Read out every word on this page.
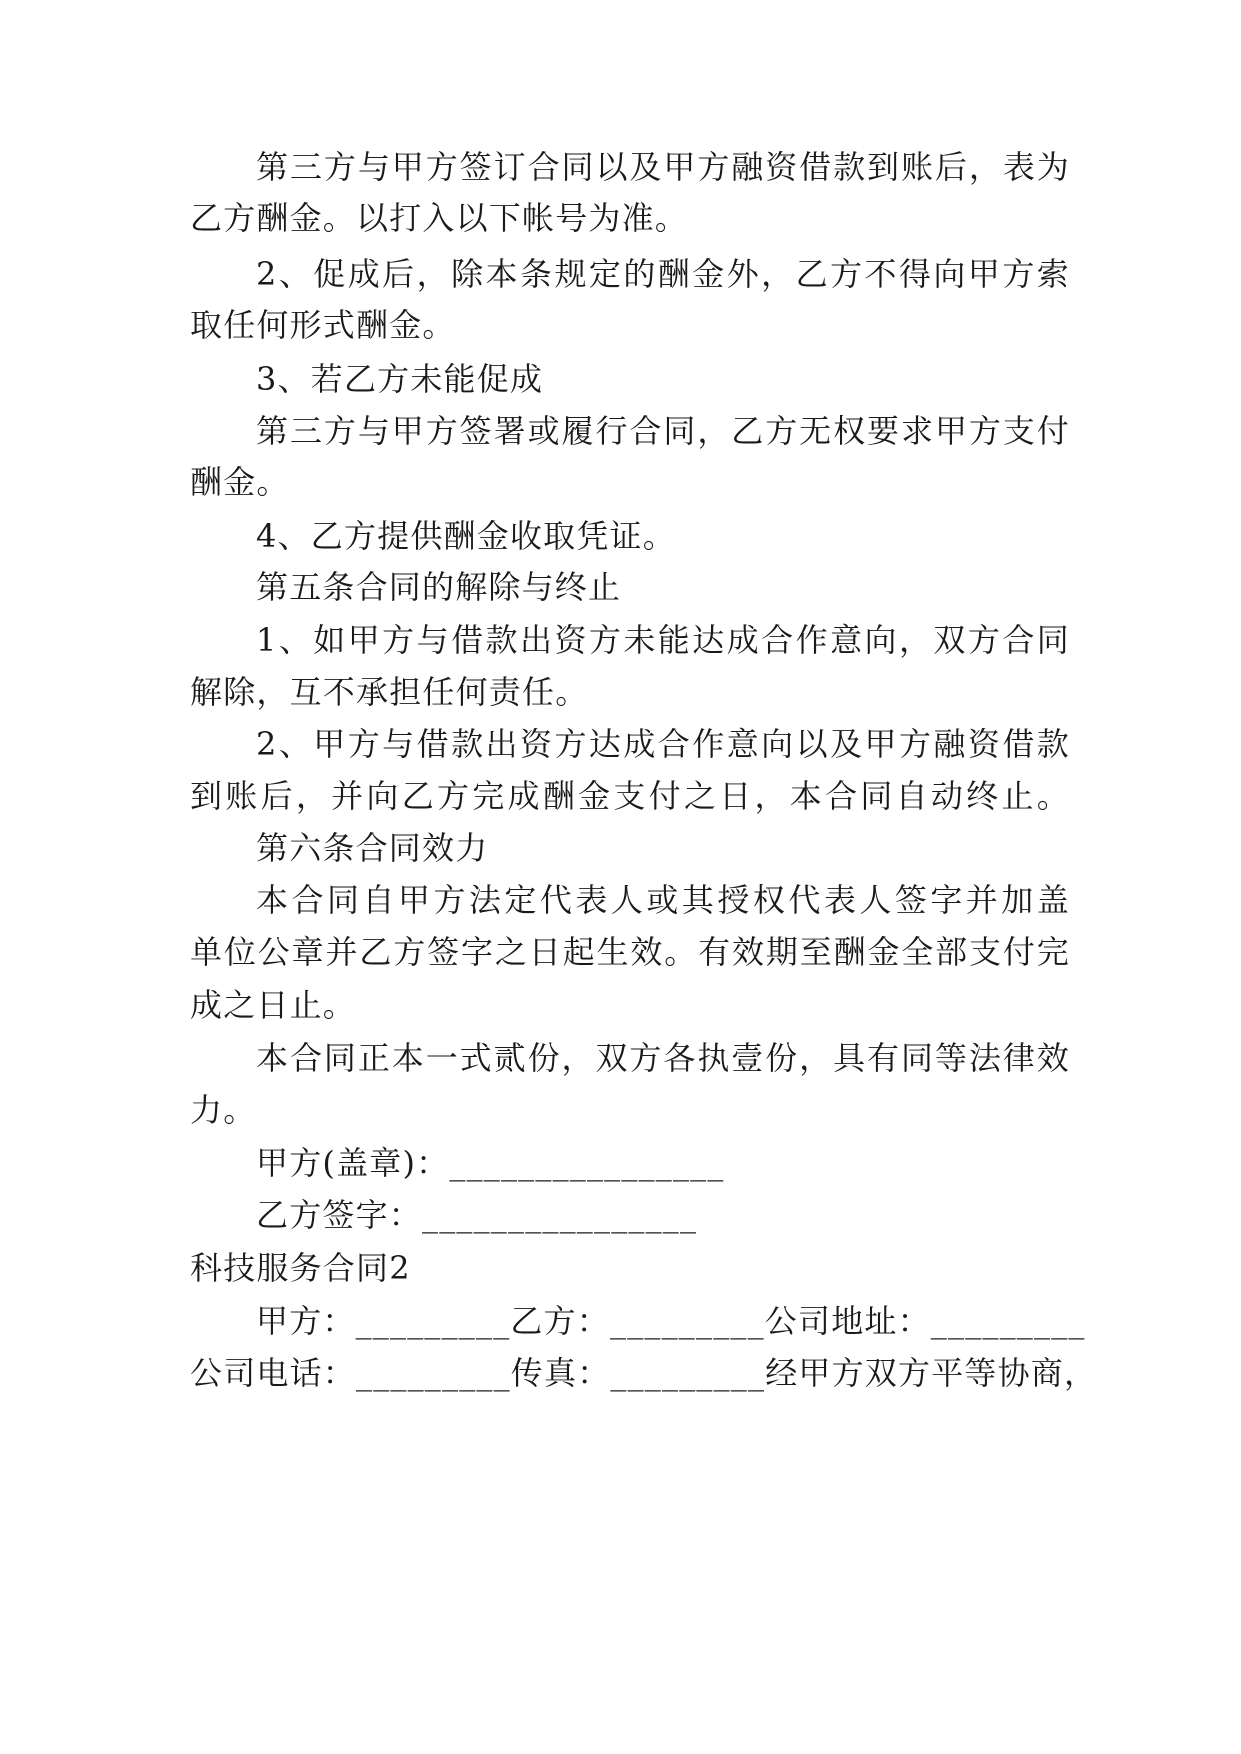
第三方与甲方签订合同以及甲方融资借款到账后，表为
乙方酬金。以打入以下帐号为准。
2、促成后，除本条规定的酬金外，乙方不得向甲方索
取任何形式酬金。
3、若乙方未能促成
第三方与甲方签署或履行合同，乙方无权要求甲方支付
酬金。
4、乙方提供酬金收取凭证。
第五条合同的解除与终止
1、如甲方与借款出资方未能达成合作意向，双方合同
解除，互不承担任何责任。
2、甲方与借款出资方达成合作意向以及甲方融资借款
到账后，并向乙方完成酬金支付之日，本合同自动终止。
第六条合同效力
本合同自甲方法定代表人或其授权代表人签字并加盖
单位公章并乙方签字之日起生效。有效期至酬金全部支付完
成之日止。
本合同正本一式贰份，双方各执壹份，具有同等法律效
力。
甲方(盖章)：________________
乙方签字：________________
科技服务合同2
甲方：_________乙方：_________公司地址：_________
公司电话：_________传真：_________经甲方双方平等协商，
